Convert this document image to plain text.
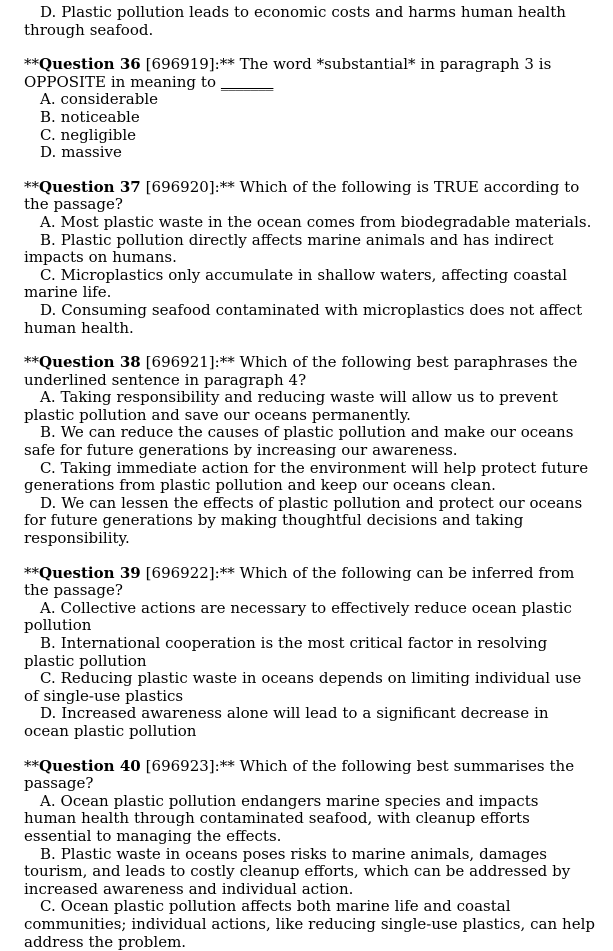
D. Plastic pollution leads to economic costs and harms human health through seafood.

**Question 36 [696919]:** The word *substantial* in paragraph 3 is OPPOSITE in meaning to _______

A. considerable

B. noticeable

C. negligible

D. massive

**Question 37 [696920]:** Which of the following is TRUE according to the passage?

A. Most plastic waste in the ocean comes from biodegradable materials.

B. Plastic pollution directly affects marine animals and has indirect impacts on humans.

C. Microplastics only accumulate in shallow waters, affecting coastal marine life.

D. Consuming seafood contaminated with microplastics does not affect human health.

**Question 38 [696921]:** Which of the following best paraphrases the underlined sentence in paragraph 4?

A. Taking responsibility and reducing waste will allow us to prevent plastic pollution and save our oceans permanently.

B. We can reduce the causes of plastic pollution and make our oceans safe for future generations by increasing our awareness.

C. Taking immediate action for the environment will help protect future generations from plastic pollution and keep our oceans clean.

D. We can lessen the effects of plastic pollution and protect our oceans for future generations by making thoughtful decisions and taking responsibility.

**Question 39 [696922]:** Which of the following can be inferred from the passage?

A. Collective actions are necessary to effectively reduce ocean plastic pollution

B. International cooperation is the most critical factor in resolving plastic pollution

C. Reducing plastic waste in oceans depends on limiting individual use of single-use plastics

D. Increased awareness alone will lead to a significant decrease in ocean plastic pollution

**Question 40 [696923]:** Which of the following best summarises the passage?

A. Ocean plastic pollution endangers marine species and impacts human health through contaminated seafood, with cleanup efforts essential to managing the effects.

B. Plastic waste in oceans poses risks to marine animals, damages tourism, and leads to costly cleanup efforts, which can be addressed by increased awareness and individual action.

C. Ocean plastic pollution affects both marine life and coastal communities; individual actions, like reducing single-use plastics, can help address the problem.
